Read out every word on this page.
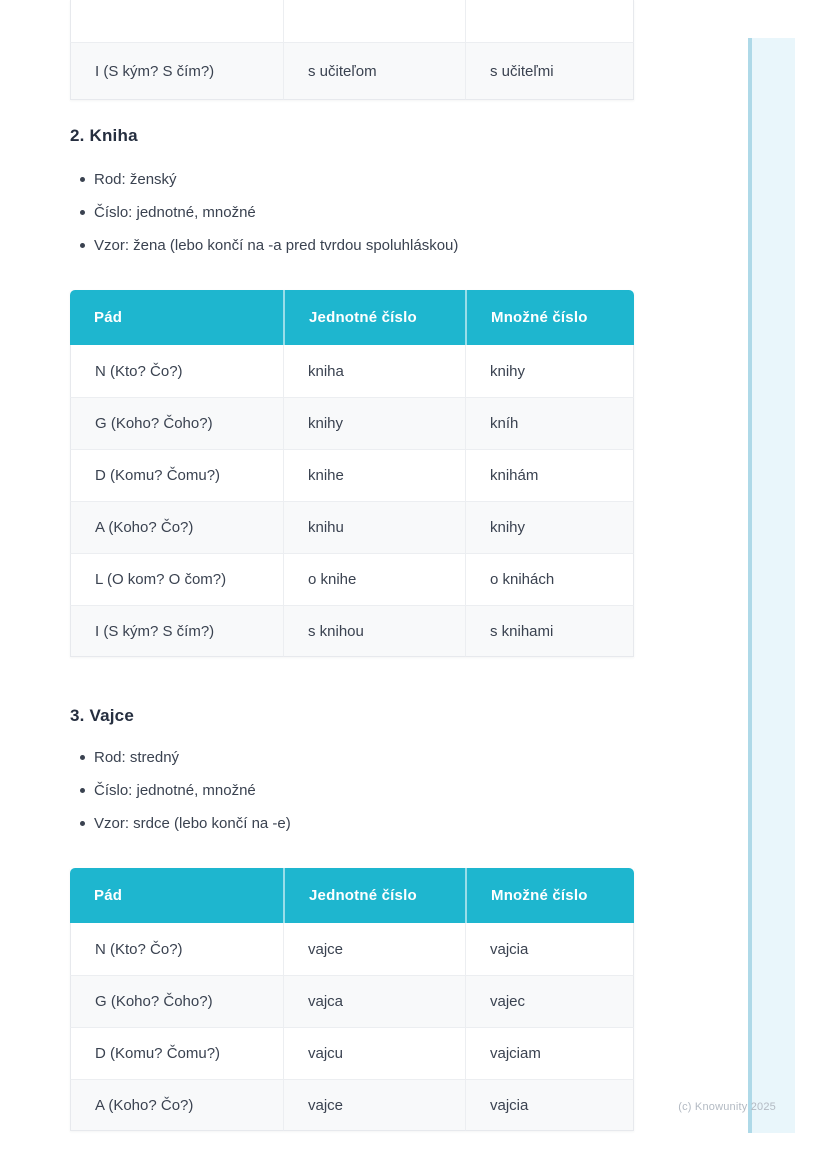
(c) Knowunity 2025

I (S kým? S čím?)	s učiteľom	s učiteľmi
2. Kniha
Rod: ženský
Číslo: jednotné, množné
Vzor: žena (lebo končí na -a pred tvrdou spoluhláskou)
Pád	Jednotné číslo	Množné číslo
N (Kto? Čo?)	kniha	knihy
G (Koho? Čoho?)	knihy	kníh
D (Komu? Čomu?)	knihe	knihám
A (Koho? Čo?)	knihu	knihy
L (O kom? O čom?)	o knihe	o knihách
I (S kým? S čím?)	s knihou	s knihami
3. Vajce
Rod: stredný
Číslo: jednotné, množné
Vzor: srdce (lebo končí na -e)
Pád	Jednotné číslo	Množné číslo
N (Kto? Čo?)	vajce	vajcia
G (Koho? Čoho?)	vajca	vajec
D (Komu? Čomu?)	vajcu	vajciam
A (Koho? Čo?)	vajce	vajcia
